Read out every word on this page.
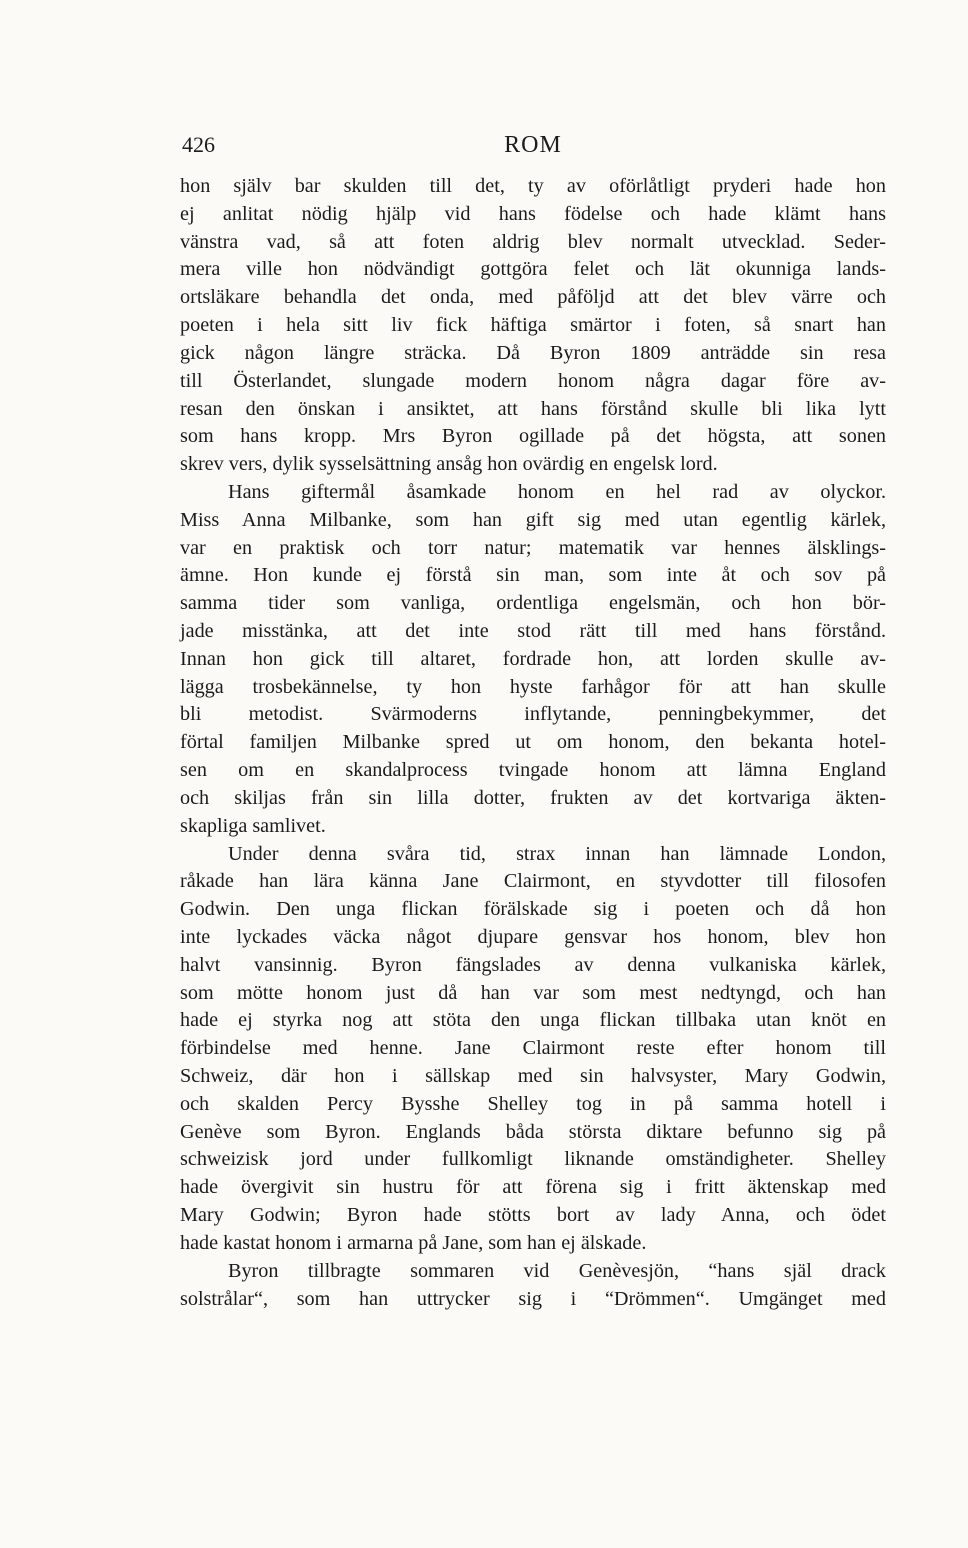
426	ROM
hon själv bar skulden till det, ty av oförlåtligt pryderi hade hon
ej anlitat nödig hjälp vid hans födelse och hade klämt hans
vänstra vad, så att foten aldrig blev normalt utvecklad. Seder-
mera ville hon nödvändigt gottgöra felet och lät okunniga lands-
ortsläkare behandla det onda, med påföljd att det blev värre och
poeten i hela sitt liv fick häftiga smärtor i foten, så snart han
gick någon längre sträcka. Då Byron 1809 anträdde sin resa
till Österlandet, slungade modern honom några dagar före av-
resan den önskan i ansiktet, att hans förstånd skulle bli lika lytt
som hans kropp. Mrs Byron ogillade på det högsta, att sonen
skrev vers, dylik sysselsättning ansåg hon ovärdig en engelsk lord.
Hans giftermål åsamkade honom en hel rad av olyckor.
Miss Anna Milbanke, som han gift sig med utan egentlig kärlek,
var en praktisk och torr natur; matematik var hennes älsklings-
ämne. Hon kunde ej förstå sin man, som inte åt och sov på
samma tider som vanliga, ordentliga engelsmän, och hon bör-
jade misstänka, att det inte stod rätt till med hans förstånd.
Innan hon gick till altaret, fordrade hon, att lorden skulle av-
lägga trosbekännelse, ty hon hyste farhågor för att han skulle
bli metodist. Svärmoderns inflytande, penningbekymmer, det
förtal familjen Milbanke spred ut om honom, den bekanta hotel-
sen om en skandalprocess tvingade honom att lämna England
och skiljas från sin lilla dotter, frukten av det kortvariga äkten-
skapliga samlivet.
Under denna svåra tid, strax innan han lämnade London,
råkade han lära känna Jane Clairmont, en styvdotter till filosofen
Godwin. Den unga flickan förälskade sig i poeten och då hon
inte lyckades väcka något djupare gensvar hos honom, blev hon
halvt vansinnig. Byron fängslades av denna vulkaniska kärlek,
som mötte honom just då han var som mest nedtyngd, och han
hade ej styrka nog att stöta den unga flickan tillbaka utan knöt en
förbindelse med henne. Jane Clairmont reste efter honom till
Schweiz, där hon i sällskap med sin halvsyster, Mary Godwin,
och skalden Percy Bysshe Shelley tog in på samma hotell i
Genève som Byron. Englands båda största diktare befunno sig på
schweizisk jord under fullkomligt liknande omständigheter. Shelley
hade övergivit sin hustru för att förena sig i fritt äktenskap med
Mary Godwin; Byron hade stötts bort av lady Anna, och ödet
hade kastat honom i armarna på Jane, som han ej älskade.
Byron tillbragte sommaren vid Genèvesjön, “hans själ drack
solstrålar“, som han uttrycker sig i “Drömmen“. Umgänget med
